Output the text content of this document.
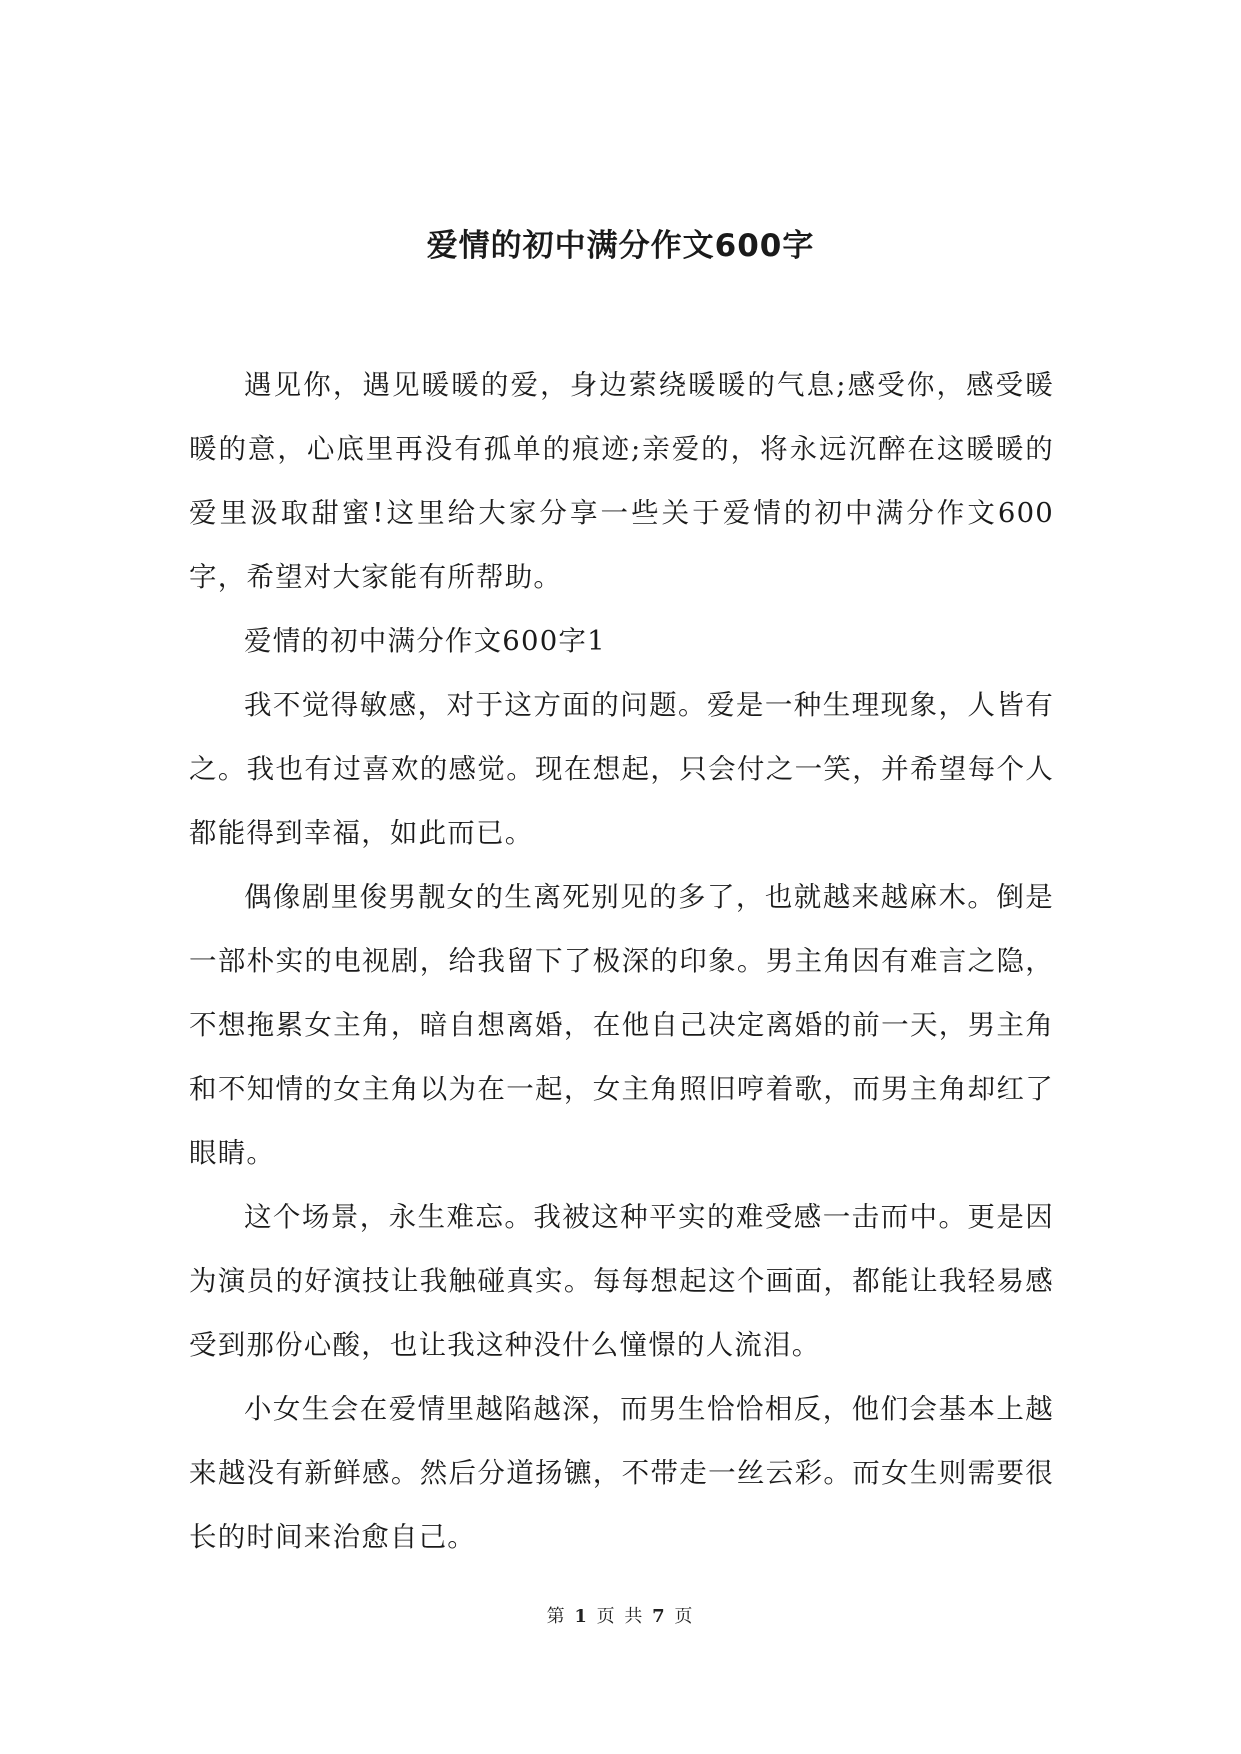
爱情的初中满分作文600字

遇见你，遇见暖暖的爱，身边萦绕暖暖的气息;感受你，感受暖暖的意，心底里再没有孤单的痕迹;亲爱的，将永远沉醉在这暖暖的爱里汲取甜蜜!这里给大家分享一些关于爱情的初中满分作文600字，希望对大家能有所帮助。

爱情的初中满分作文600字1

我不觉得敏感，对于这方面的问题。爱是一种生理现象，人皆有之。我也有过喜欢的感觉。现在想起，只会付之一笑，并希望每个人都能得到幸福，如此而已。

偶像剧里俊男靓女的生离死别见的多了，也就越来越麻木。倒是一部朴实的电视剧，给我留下了极深的印象。男主角因有难言之隐，不想拖累女主角，暗自想离婚，在他自己决定离婚的前一天，男主角和不知情的女主角以为在一起，女主角照旧哼着歌，而男主角却红了眼睛。

这个场景，永生难忘。我被这种平实的难受感一击而中。更是因为演员的好演技让我触碰真实。每每想起这个画面，都能让我轻易感受到那份心酸，也让我这种没什么憧憬的人流泪。

小女生会在爱情里越陷越深，而男生恰恰相反，他们会基本上越来越没有新鲜感。然后分道扬镳，不带走一丝云彩。而女生则需要很长的时间来治愈自己。

第 1 页 共 7 页
